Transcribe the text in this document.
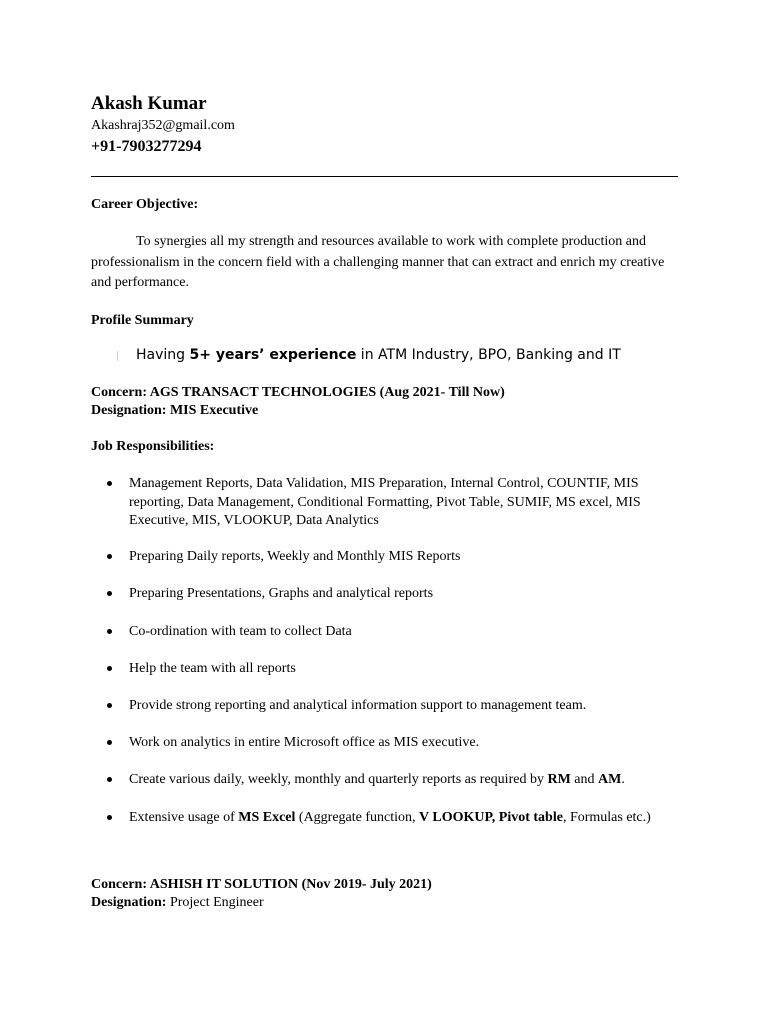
Akash Kumar
Akashraj352@gmail.com
+91-7903277294
Career Objective:
To synergies all my strength and resources available to work with complete production and professionalism in the concern field with a challenging manner that can extract and enrich my creative and performance.
Profile Summary
Having 5+ years’ experience in ATM Industry, BPO, Banking and IT
Concern: AGS TRANSACT TECHNOLOGIES (Aug 2021- Till Now)
Designation: MIS Executive
Job Responsibilities:
Management Reports, Data Validation, MIS Preparation, Internal Control, COUNTIF, MIS reporting, Data Management, Conditional Formatting, Pivot Table, SUMIF, MS excel, MIS Executive, MIS, VLOOKUP, Data Analytics
Preparing Daily reports, Weekly and Monthly MIS Reports
Preparing Presentations, Graphs and analytical reports
Co-ordination with team to collect Data
Help the team with all reports
Provide strong reporting and analytical information support to management team.
Work on analytics in entire Microsoft office as MIS executive.
Create various daily, weekly, monthly and quarterly reports as required by RM and AM.
Extensive usage of MS Excel (Aggregate function, V LOOKUP, Pivot table, Formulas etc.)
Concern: ASHISH IT SOLUTION (Nov 2019- July 2021)
Designation: Project Engineer
